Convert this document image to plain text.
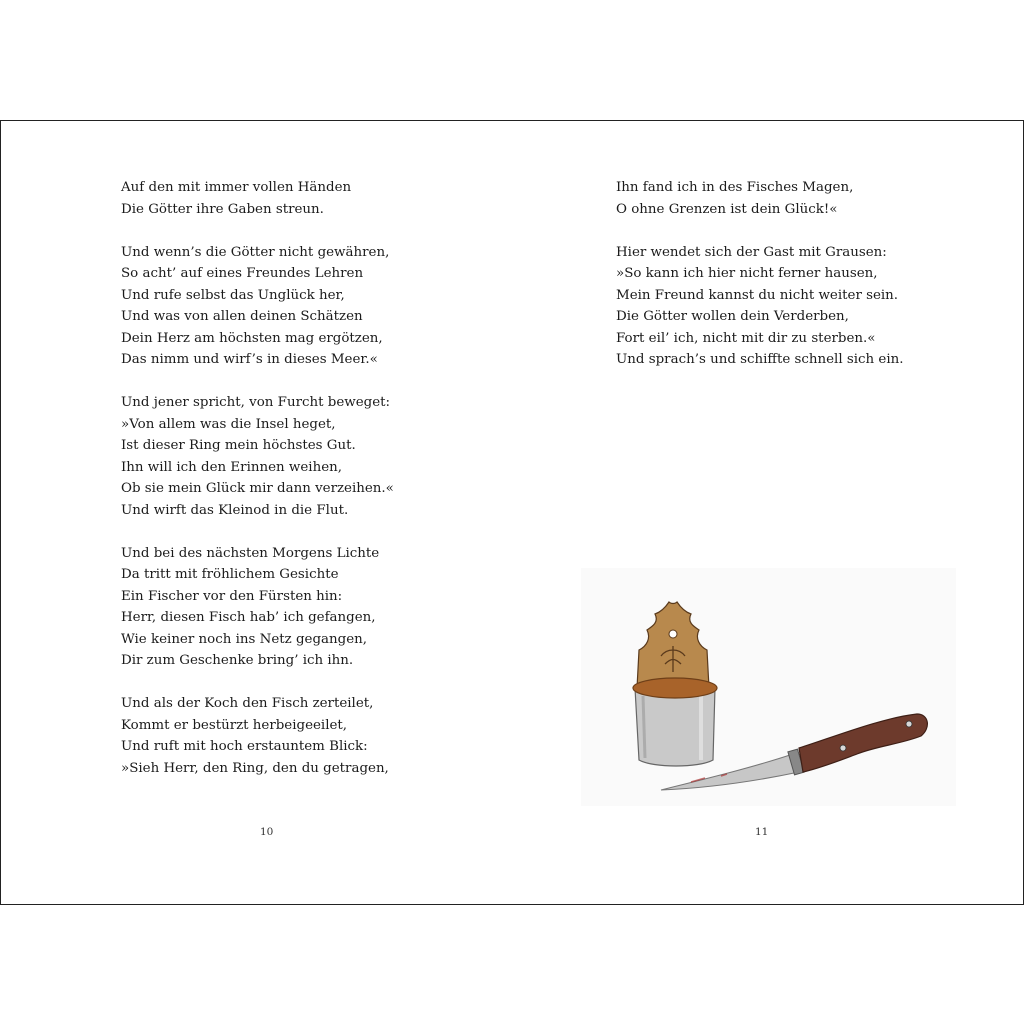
Auf den mit immer vollen Händen
Die Götter ihre Gaben streun.
Und wenn’s die Götter nicht gewähren,
So acht’ auf eines Freundes Lehren
Und rufe selbst das Unglück her,
Und was von allen deinen Schätzen
Dein Herz am höchsten mag ergötzen,
Das nimm und wirf’s in dieses Meer.«
Und jener spricht, von Furcht beweget:
»Von allem was die Insel heget,
Ist dieser Ring mein höchstes Gut.
Ihn will ich den Erinnen weihen,
Ob sie mein Glück mir dann verzeihen.«
Und wirft das Kleinod in die Flut.
Und bei des nächsten Morgens Lichte
Da tritt mit fröhlichem Gesichte
Ein Fischer vor den Fürsten hin:
Herr, diesen Fisch hab’ ich gefangen,
Wie keiner noch ins Netz gegangen,
Dir zum Geschenke bring’ ich ihn.
Und als der Koch den Fisch zerteilet,
Kommt er bestürzt herbeigeeilet,
Und ruft mit hoch erstauntem Blick:
»Sieh Herr, den Ring, den du getragen,
Ihn fand ich in des Fisches Magen,
O ohne Grenzen ist dein Glück!«
Hier wendet sich der Gast mit Grausen:
»So kann ich hier nicht ferner hausen,
Mein Freund kannst du nicht weiter sein.
Die Götter wollen dein Verderben,
Fort eil’ ich, nicht mit dir zu sterben.«
Und sprach’s und schiffte schnell sich ein.
10	11
